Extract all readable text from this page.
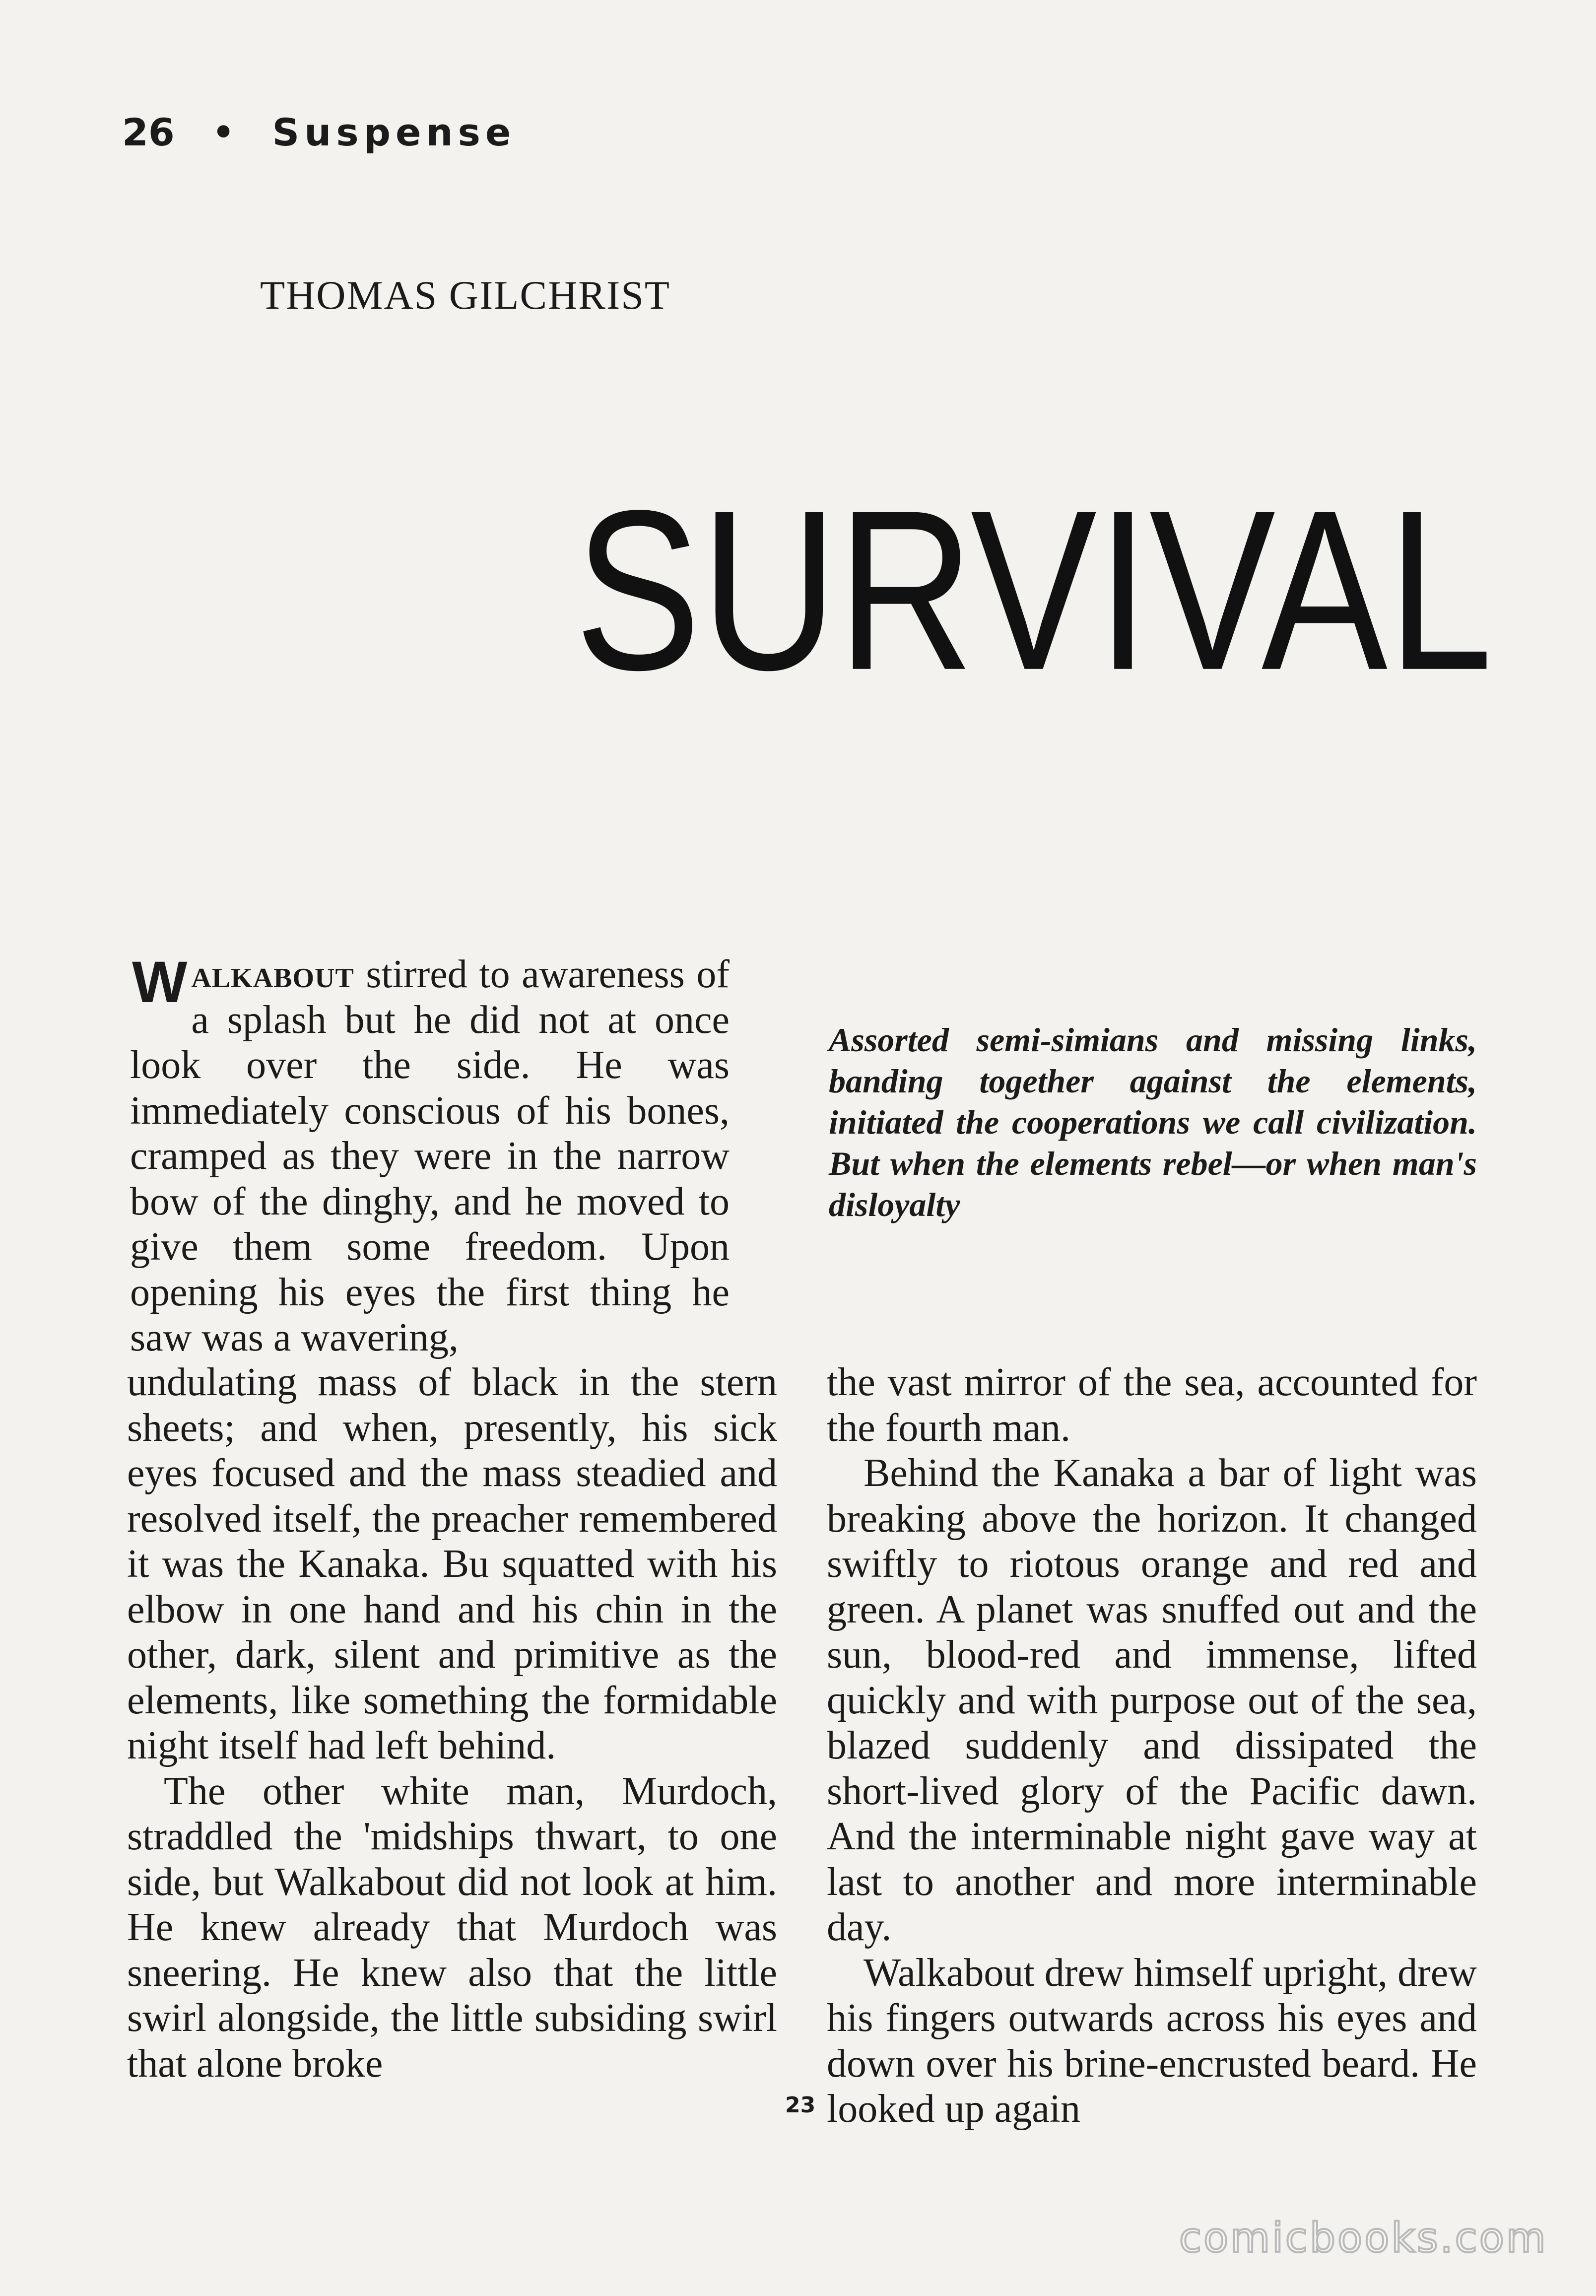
26 • Suspense
THOMAS GILCHRIST
SURVIVAL

W alkabout stirred to awareness of a splash but he did not at once look over the side. He was immediately conscious of his bones, cramped as they were in the narrow bow of the dinghy, and he moved to give them some freedom. Upon opening his eyes the first thing he saw was a wavering,

Assorted semi-simians and missing links, banding together against the elements, initiated the cooperations we call civilization. But when the elements rebel—or when man's disloyalty

undulating mass of black in the stern sheets; and when, presently, his sick eyes focused and the mass steadied and resolved itself, the preacher remembered it was the Kanaka. Bu squatted with his elbow in one hand and his chin in the other, dark, silent and primitive as the elements, like something the formidable night itself had left behind.

The other white man, Murdoch, straddled the 'midships thwart, to one side, but Walkabout did not look at him. He knew already that Murdoch was sneering. He knew also that the little swirl alongside, the little subsiding swirl that alone broke

the vast mirror of the sea, accounted for the fourth man.

Behind the Kanaka a bar of light was breaking above the horizon. It changed swiftly to riotous orange and red and green. A planet was snuffed out and the sun, blood-red and immense, lifted quickly and with purpose out of the sea, blazed suddenly and dissipated the short-lived glory of the Pacific dawn. And the interminable night gave way at last to another and more interminable day.

Walkabout drew himself upright, drew his fingers outwards across his eyes and down over his brine-encrusted beard. He looked up again

23
comicbooks.com
